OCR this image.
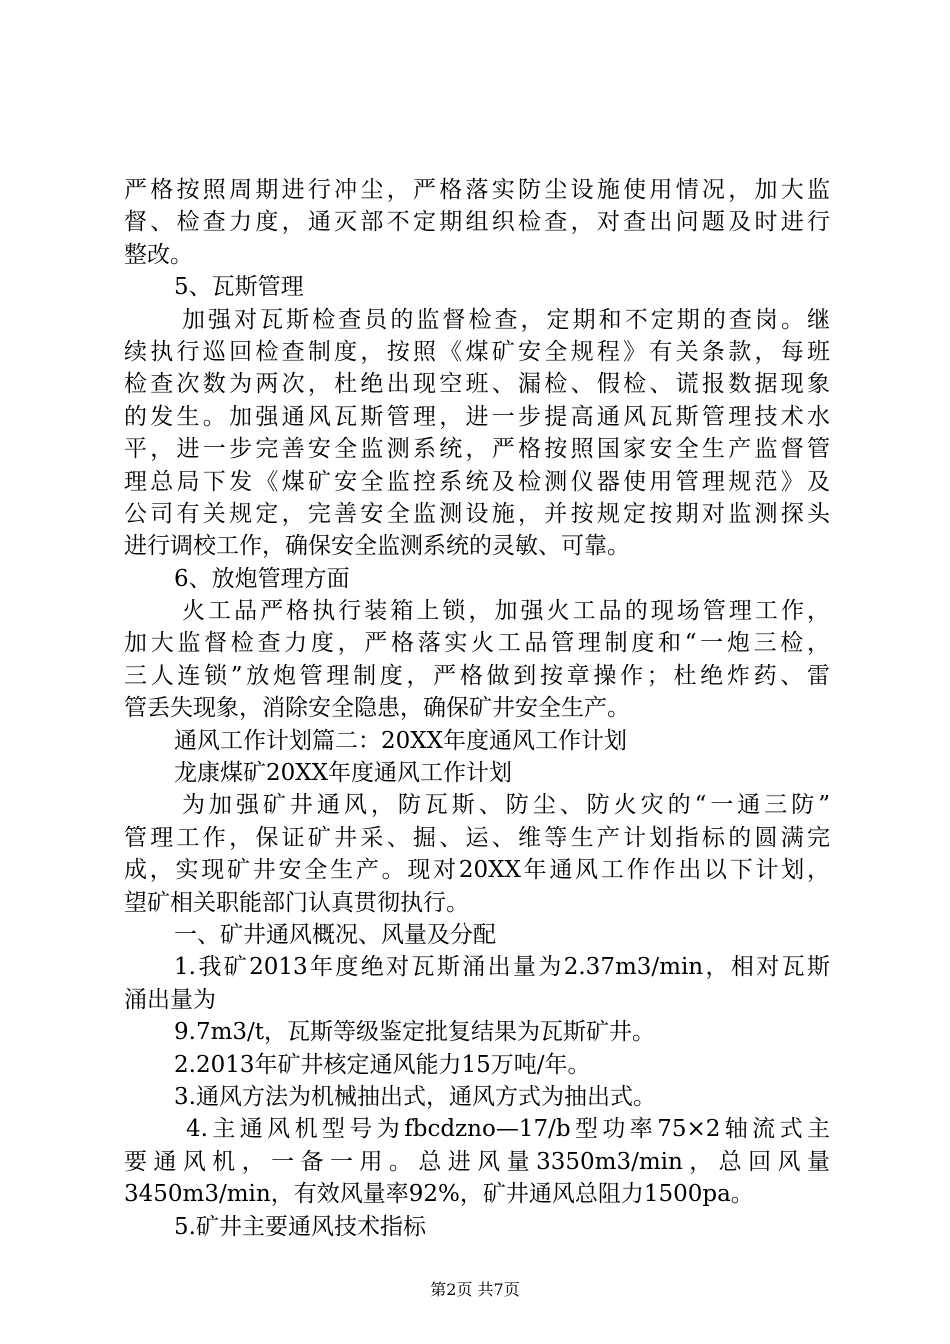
严格按照周期进行冲尘，严格落实防尘设施使用情况，加大监
督、检查力度，通灭部不定期组织检查，对查出问题及时进行
整改。
5、瓦斯管理
加强对瓦斯检查员的监督检查，定期和不定期的查岗。继
续执行巡回检查制度，按照《煤矿安全规程》有关条款，每班
检查次数为两次，杜绝出现空班、漏检、假检、谎报数据现象
的发生。加强通风瓦斯管理，进一步提高通风瓦斯管理技术水
平，进一步完善安全监测系统，严格按照国家安全生产监督管
理总局下发《煤矿安全监控系统及检测仪器使用管理规范》及
公司有关规定，完善安全监测设施，并按规定按期对监测探头
进行调校工作，确保安全监测系统的灵敏、可靠。
6、放炮管理方面
火工品严格执行装箱上锁，加强火工品的现场管理工作，
加大监督检查力度，严格落实火工品管理制度和“一炮三检，
三人连锁”放炮管理制度，严格做到按章操作；杜绝炸药、雷
管丢失现象，消除安全隐患，确保矿井安全生产。
通风工作计划篇二：20XX年度通风工作计划
龙康煤矿20XX年度通风工作计划
为加强矿井通风，防瓦斯、防尘、防火灾的“一通三防”
管理工作，保证矿井采、掘、运、维等生产计划指标的圆满完
成，实现矿井安全生产。现对20XX年通风工作作出以下计划，
望矿相关职能部门认真贯彻执行。
一、矿井通风概况、风量及分配
1.我矿2013年度绝对瓦斯涌出量为2.37m3/min，相对瓦斯
涌出量为
9.7m3/t，瓦斯等级鉴定批复结果为瓦斯矿井。
2.2013年矿井核定通风能力15万吨/年。
3.通风方法为机械抽出式，通风方式为抽出式。
4.主通风机型号为fbcdzno—17/b型功率75×2轴流式主
要通风机，一备一用。总进风量3350m3/min，总回风量
3450m3/min，有效风量率92%，矿井通风总阻力1500pa。
5.矿井主要通风技术指标
第2页 共7页
